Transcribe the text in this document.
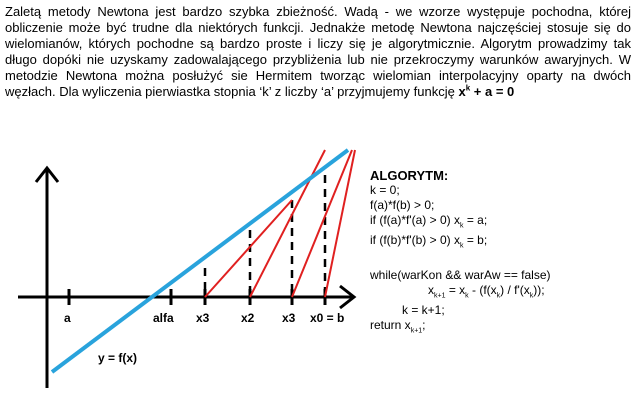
Zaletą metody Newtona jest bardzo szybka zbieżność. Wadą - we wzorze występuje pochodna, której obliczenie może być trudne dla niektórych funkcji. Jednakże metodę Newtona najczęściej stosuje się do wielomianów, których pochodne są bardzo proste i liczy się je algorytmicznie. Algorytm prowadzimy tak długo dopóki nie uzyskamy zadowalającego przybliżenia lub nie przekroczymy warunków awaryjnych. W metodzie Newtona można posłużyć sie Hermitem tworząc wielomian interpolacyjny oparty na dwóch węzłach. Dla wyliczenia pierwiastka stopnia ‘k’ z liczby ‘a’ przyjmujemy funkcję $x^k + a = 0$

a	alfa x3	x2 x3 x0 = b
y = f(x)
ALGORYTM:
k = 0;
f(a)*f(b) > 0;
if (f(a)*f'(a) > 0) $x_k = a$;
if (f(b)*f'(b) > 0) $x_k = b$;
while(warKon && warAw == false)
$x_{k+1} = x_k - (f(x_k) / f'(x_k))$;
k = k+1;
return $x_{k+1}$;
